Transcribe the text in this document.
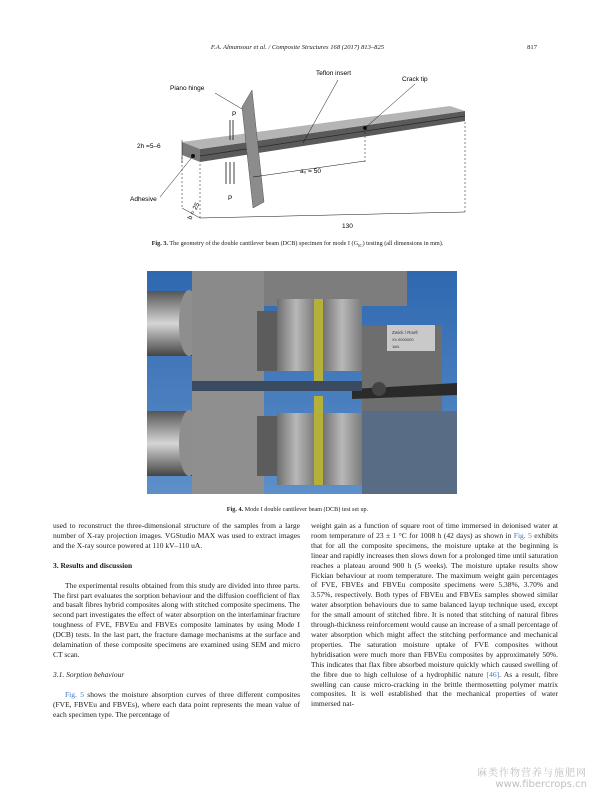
F.A. Almansour et al. / Composite Structures 168 (2017) 813–825	817
P
P
Piano hinge
Teflon insert
Crack tip
2h =5–6
a₀ = 50
Adhesive
b = 25
130
Fig. 3. The geometry of the double cantilever beam (DCB) specimen for mode I $(G_{IC})$ testing (all dimensions in mm).
Zwick / Roell
Xh 0000000
1kN
Fig. 4. Mode I double cantilever beam (DCB) test set up.

used to reconstruct the three-dimensional structure of the samples from a large number of X-ray projection images. VGStudio MAX was used to extract images and the X-ray source powered at 110 kV–110 uA.

3. Results and discussion

The experimental results obtained from this study are divided into three parts. The first part evaluates the sorption behaviour and the diffusion coefficient of flax and basalt fibres hybrid composites along with stitched composite specimens. The second part investigates the effect of water absorption on the interlaminar fracture toughness of FVE, FBVEu and FBVEs composite laminates by using Mode I (DCB) tests. In the last part, the fracture damage mechanisms at the surface and delamination of these composite specimens are examined using SEM and micro CT scan.

3.1. Sorption behaviour

Fig. 5 shows the moisture absorption curves of three different composites (FVE, FBVEu and FBVEs), where each data point represents the mean value of each specimen type. The percentage of

weight gain as a function of square root of time immersed in deionised water at room temperature of 23 ± 1 °C for 1008 h (42 days) as shown in Fig. 5 exhibits that for all the composite specimens, the moisture uptake at the beginning is linear and rapidly increases then slows down for a prolonged time until saturation reaches a plateau around 900 h (5 weeks). The moisture uptake results show Fickian behaviour at room temperature. The maximum weight gain percentages of FVE, FBVEs and FBVEu composite specimens were 5.38%, 3.70% and 3.57%, respectively. Both types of FBVEu and FBVEs samples showed similar water absorption behaviours due to same balanced layup technique used, except for the small amount of stitched fibre. It is noted that stitching of natural fibres through-thickness reinforcement would cause an increase of a small percentage of water absorption which might affect the stitching performance and mechanical properties. The saturation moisture uptake of FVE composites without hybridisation were much more than FBVEu composites by approximately 50%. This indicates that flax fibre absorbed moisture quickly which caused swelling of the fibre due to high cellulose of a hydrophilic nature [46]. As a result, fibre swelling can cause micro-cracking in the brittle thermosetting polymer matrix composites. It is well established that the mechanical properties of water immersed nat-

麻类作物营养与施肥网
www.fibercrops.cn
